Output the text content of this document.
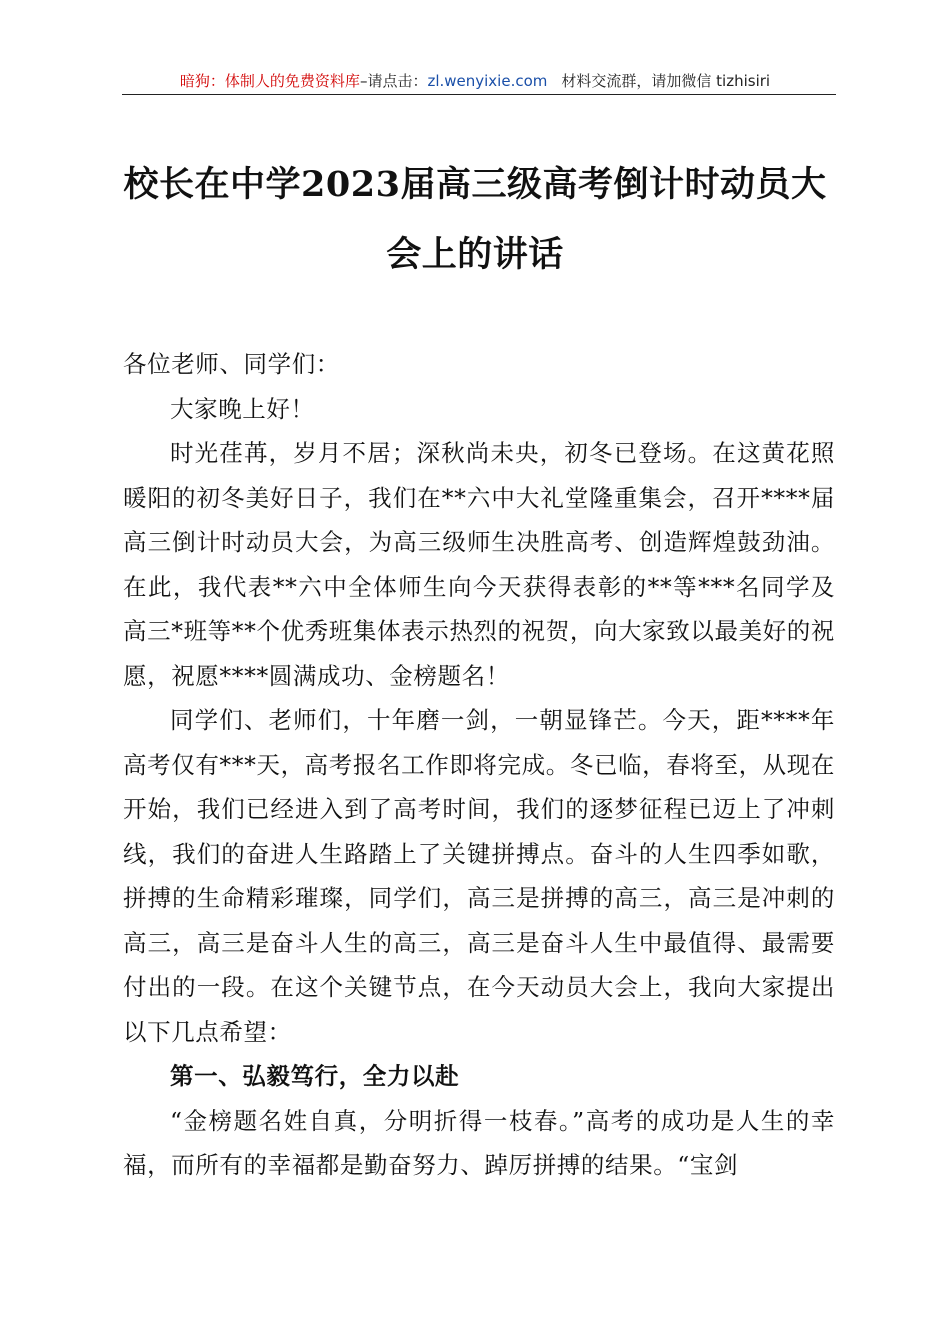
暗狗：体制人的免费资料库–请点击：zl.wenyixie.com 材料交流群，请加微信 tizhisiri
校长在中学2023届高三级高考倒计时动员大
会上的讲话

各位老师、同学们：

大家晚上好！

时光荏苒，岁月不居；深秋尚未央，初冬已登场。在这黄花照暖阳的初冬美好日子，我们在**六中大礼堂隆重集会，召开****届高三倒计时动员大会，为高三级师生决胜高考、创造辉煌鼓劲油。在此，我代表**六中全体师生向今天获得表彰的**等***名同学及高三*班等**个优秀班集体表示热烈的祝贺，向大家致以最美好的祝愿，祝愿****圆满成功、金榜题名！

同学们、老师们，十年磨一剑，一朝显锋芒。今天，距****年高考仅有***天，高考报名工作即将完成。冬已临，春将至，从现在开始，我们已经进入到了高考时间，我们的逐梦征程已迈上了冲刺线，我们的奋进人生路踏上了关键拼搏点。奋斗的人生四季如歌，拼搏的生命精彩璀璨，同学们，高三是拼搏的高三，高三是冲刺的高三，高三是奋斗人生的高三，高三是奋斗人生中最值得、最需要付出的一段。在这个关键节点，在今天动员大会上，我向大家提出以下几点希望：

第一、弘毅笃行，全力以赴

“金榜题名姓自真，分明折得一枝春。”高考的成功是人生的幸福，而所有的幸福都是勤奋努力、踔厉拼搏的结果。“宝剑
